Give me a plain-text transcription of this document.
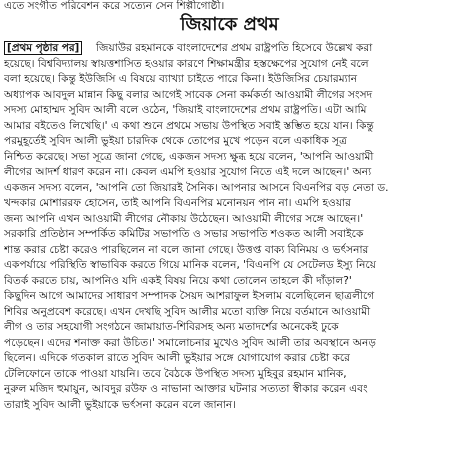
এতে সংগীত পরিবেশন করে সত্যেন সেন শিল্পীগোষ্ঠী।
জিয়াকে প্রথম
[প্রথম পৃষ্ঠার পর]	জিয়াউর রহমানকে বাংলাদেশের প্রথম রাষ্ট্রপতি হিসেবে উল্লেখ করা
হয়েছে। বিশ্ববিদ্যালয় স্বায়ত্তশাসিত হওয়ার কারণে শিক্ষামন্ত্রীর হস্তক্ষেপের সুযোগ নেই বলে
বলা হয়েছে। কিন্তু ইউজিসি এ বিষয়ে ব্যাখ্যা চাইতে পারে কিনা। ইউজিসির চেয়ারম্যান
অধ্যাপক আবদুল মান্নান কিছু বলার আগেই সাবেক সেনা কর্মকর্তা আওয়ামী লীগের সংসদ
সদস্য মোহাম্মদ সুবিদ আলী বলে ওঠেন, 'জিয়াই বাংলাদেশের প্রথম রাষ্ট্রপতি। এটা আমি
আমার বইতেও লিখেছি।' এ কথা শুনে প্রথমে সভায় উপস্থিত সবাই স্তম্ভিত হয়ে যান। কিন্তু
পরমুহূর্তেই সুবিদ আলী ভুইয়া চারদিক থেকে তোপের মুখে পড়েন বলে একাধিক সূত্র
নিশ্চিত করেছে। সভা সূত্রে জানা গেছে, একজন সদস্য ক্ষুব্ধ হয়ে বলেন, 'আপনি আওয়ামী
লীগের আদর্শ ধারণ করেন না। কেবল এমপি হওয়ার সুযোগ নিতে এই দলে আছেন।' অন্য
একজন সদস্য বলেন, 'আপনি তো জিয়ারই সৈনিক। আপনার আসনে বিএনপির বড় নেতা ড.
খন্দকার মোশাররফ হোসেন, তাই আপনি বিএনপির মনোনয়ন পান না। এমপি হওয়ার
জন্য আপনি এখন আওয়ামী লীগের নৌকায় উঠেছেন। আওয়ামী লীগের সঙ্গে আছেন।'
সরকারি প্রতিষ্ঠান সম্পর্কিত কমিটির সভাপতি ও সভার সভাপতি শওকত আলী সবাইকে
শান্ত করার চেষ্টা করেও পারছিলেন না বলে জানা গেছে। উত্তপ্ত বাক্য বিনিময় ও ভর্ৎসনার
একপর্যায়ে পরিস্থিতি স্বাভাবিক করতে গিয়ে মানিক বলেন, 'বিএনপি যে সেটেলড ইস্যু নিয়ে
বিতর্ক করতে চায়, আপনিও যদি একই বিষয় নিয়ে কথা তোলেন তাহলে কী দাঁড়াল?'
কিছুদিন আগে আমাদের সাধারণ সম্পাদক সৈয়দ আশরাফুল ইসলাম বলেছিলেন ছাত্রলীগে
শিবির অনুপ্রবেশ করেছে। এখন দেখছি সুবিদ আলীর মতো ব্যক্তি নিয়ে বর্তমানে আওয়ামী
লীগ ও তার সহযোগী সংগঠনে জামায়াত-শিবিরসহ অন্য মতাদর্শের অনেকেই ঢুকে
পড়েছেন। এদের শনাক্ত করা উচিত।' সমালোচনার মুখেও সুবিদ আলী তার অবস্থানে অনড়
ছিলেন। এদিকে গতকাল রাতে সুবিদ আলী ভুইয়ার সঙ্গে যোগাযোগ করার চেষ্টা করে
টেলিফোনে তাকে পাওয়া যায়নি। তবে বৈঠকে উপস্থিত সদস্য মুহিবুর রহমান মানিক,
নুরুল মজিদ হুমায়ুন, আবদুর রউফ ও নাভানা আক্তার ঘটনার সত্যতা স্বীকার করেন এবং
তারাই সুবিদ আলী ভুইয়াকে ভর্ৎসনা করেন বলে জানান।
